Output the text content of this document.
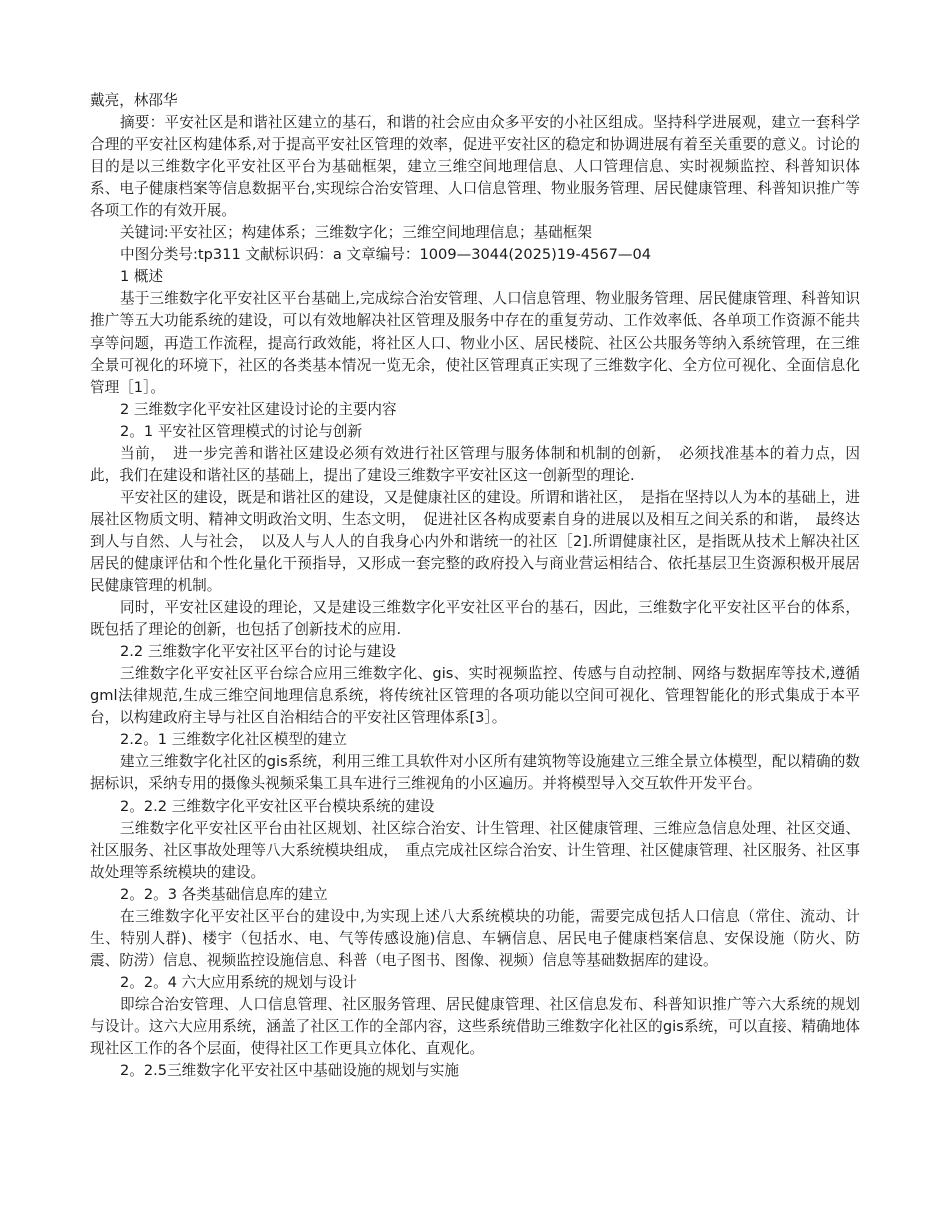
戴亮，林邵华

摘要：平安社区是和谐社区建立的基石，和谐的社会应由众多平安的小社区组成。坚持科学进展观，建立一套科学合理的平安社区构建体系,对于提高平安社区管理的效率，促进平安社区的稳定和协调进展有着至关重要的意义。讨论的目的是以三维数字化平安社区平台为基础框架，建立三维空间地理信息、人口管理信息、实时视频监控、科普知识体系、电子健康档案等信息数据平台,实现综合治安管理、人口信息管理、物业服务管理、居民健康管理、科普知识推广等各项工作的有效开展。

关键词:平安社区；构建体系；三维数字化；三维空间地理信息；基础框架

中图分类号:tp311 文献标识码：a 文章编号：1009—3044(2025)19-4567—04

1 概述

基于三维数字化平安社区平台基础上,完成综合治安管理、人口信息管理、物业服务管理、居民健康管理、科普知识推广等五大功能系统的建设，可以有效地解决社区管理及服务中存在的重复劳动、工作效率低、各单项工作资源不能共享等问题，再造工作流程，提高行政效能，将社区人口、物业小区、居民楼院、社区公共服务等纳入系统管理，在三维全景可视化的环境下，社区的各类基本情况一览无余，使社区管理真正实现了三维数字化、全方位可视化、全面信息化管理［1］。

2 三维数字化平安社区建设讨论的主要内容

2。1 平安社区管理模式的讨论与创新

当前，　进一步完善和谐社区建设必须有效进行社区管理与服务体制和机制的创新，　必须找准基本的着力点，因此，我们在建设和谐社区的基础上，提出了建设三维数字平安社区这一创新型的理论.

平安社区的建设，既是和谐社区的建设，又是健康社区的建设。所谓和谐社区，　是指在坚持以人为本的基础上，进展社区物质文明、精神文明政治文明、生态文明，　促进社区各构成要素自身的进展以及相互之间关系的和谐，　最终达到人与自然、人与社会，　以及人与人人的自我身心内外和谐统一的社区［2].所谓健康社区，是指既从技术上解决社区居民的健康评估和个性化量化干预指导，又形成一套完整的政府投入与商业营运相结合、依托基层卫生资源积极开展居民健康管理的机制。

同时，平安社区建设的理论，又是建设三维数字化平安社区平台的基石，因此，三维数字化平安社区平台的体系，既包括了理论的创新，也包括了创新技术的应用.

2.2 三维数字化平安社区平台的讨论与建设

三维数字化平安社区平台综合应用三维数字化、gis、实时视频监控、传感与自动控制、网络与数据库等技术,遵循gml法律规范,生成三维空间地理信息系统，将传统社区管理的各项功能以空间可视化、管理智能化的形式集成于本平台，以构建政府主导与社区自治相结合的平安社区管理体系[3］。

2.2。1 三维数字化社区模型的建立

建立三维数字化社区的gis系统，利用三维工具软件对小区所有建筑物等设施建立三维全景立体模型，配以精确的数据标识，采纳专用的摄像头视频采集工具车进行三维视角的小区遍历。并将模型导入交互软件开发平台。

2。2.2 三维数字化平安社区平台模块系统的建设

三维数字化平安社区平台由社区规划、社区综合治安、计生管理、社区健康管理、三维应急信息处理、社区交通、社区服务、社区事故处理等八大系统模块组成，　重点完成社区综合治安、计生管理、社区健康管理、社区服务、社区事故处理等系统模块的建设。

2。2。3 各类基础信息库的建立

在三维数字化平安社区平台的建设中,为实现上述八大系统模块的功能，需要完成包括人口信息（常住、流动、计生、特别人群)、楼宇（包括水、电、气等传感设施)信息、车辆信息、居民电子健康档案信息、安保设施（防火、防震、防涝）信息、视频监控设施信息、科普（电子图书、图像、视频）信息等基础数据库的建设。

2。2。4 六大应用系统的规划与设计

即综合治安管理、人口信息管理、社区服务管理、居民健康管理、社区信息发布、科普知识推广等六大系统的规划与设计。这六大应用系统，涵盖了社区工作的全部内容，这些系统借助三维数字化社区的gis系统，可以直接、精确地体现社区工作的各个层面，使得社区工作更具立体化、直观化。

2。2.5三维数字化平安社区中基础设施的规划与实施
